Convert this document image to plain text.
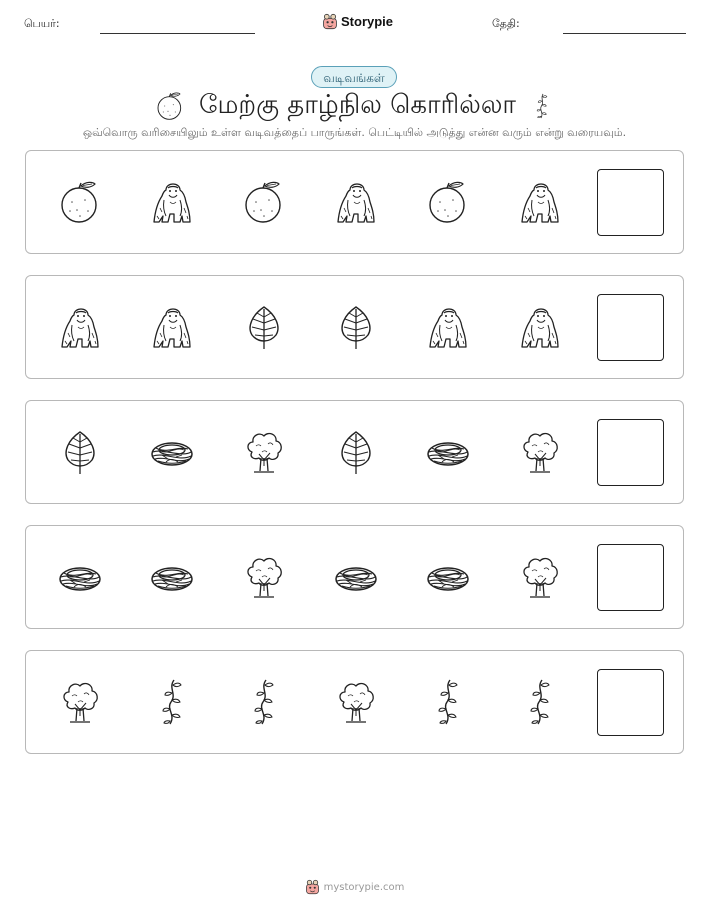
பெயர்:	Storypie	தேதி:
வடிவங்கள்
மேற்கு தாழ்நில கொரில்லா
ஒவ்வொரு வரிசையிலும் உள்ள வடிவத்தைப் பாருங்கள். பெட்டியில் அடுத்து என்ன வரும் என்று வரையவும்.
mystorypie.com
